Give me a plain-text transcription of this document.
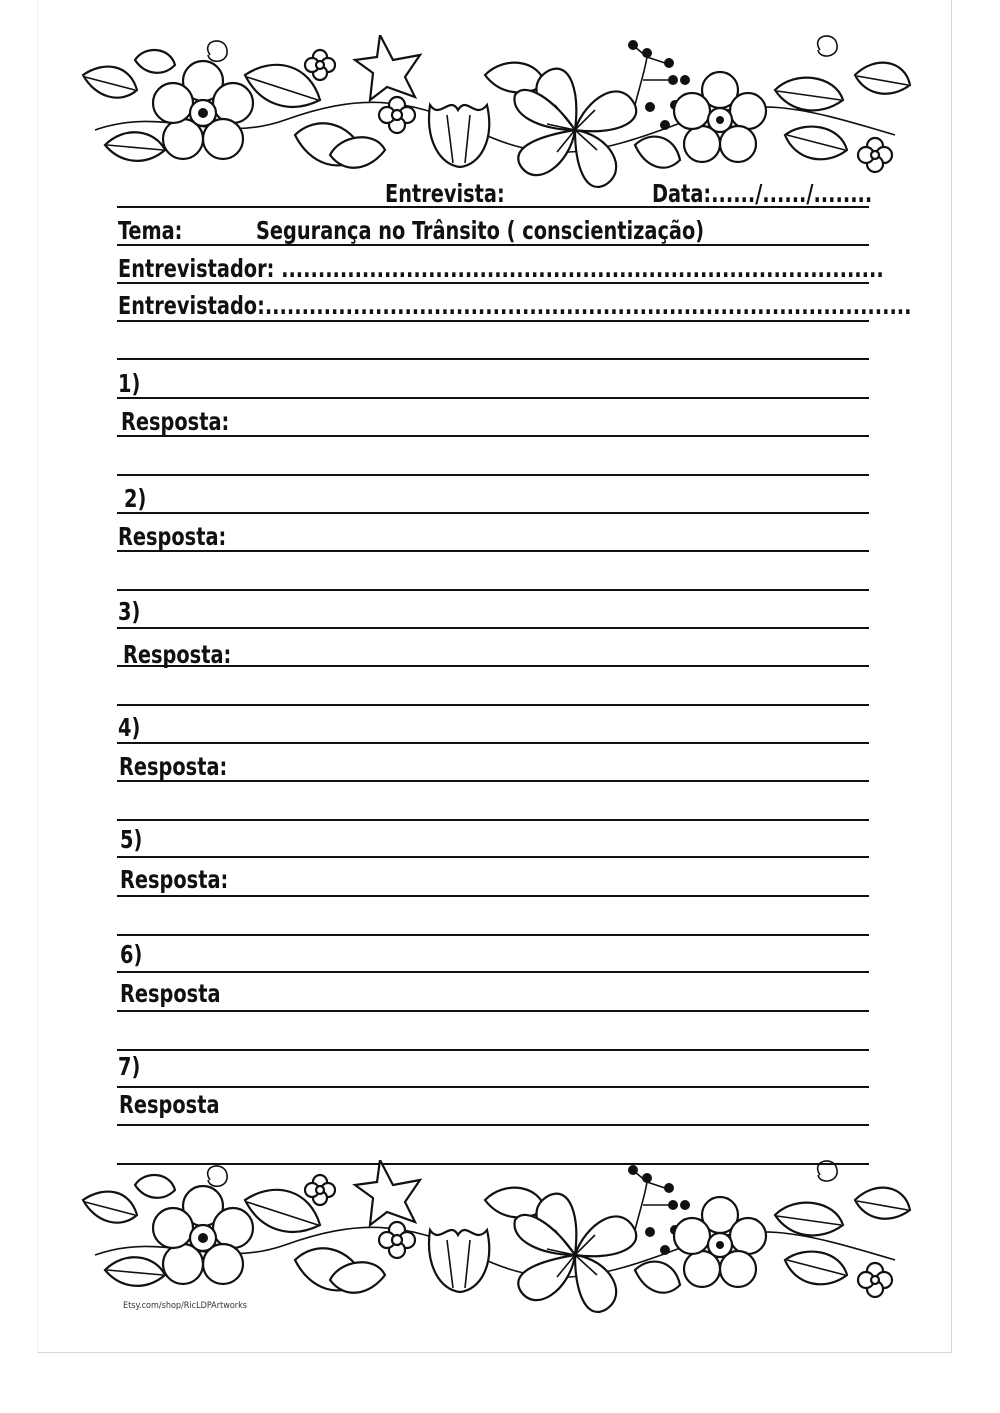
Entrevista:	Data:....../....../........
Tema:	Segurança no Trânsito ( conscientização)
Entrevistador: ..................................................................................
Entrevistado:........................................................................................
1)
Resposta:
2)
Resposta:
3)
Resposta:
4)
Resposta:
5)
Resposta:
6)
Resposta
7)
Resposta
Etsy.com/shop/RicLDPArtworks
